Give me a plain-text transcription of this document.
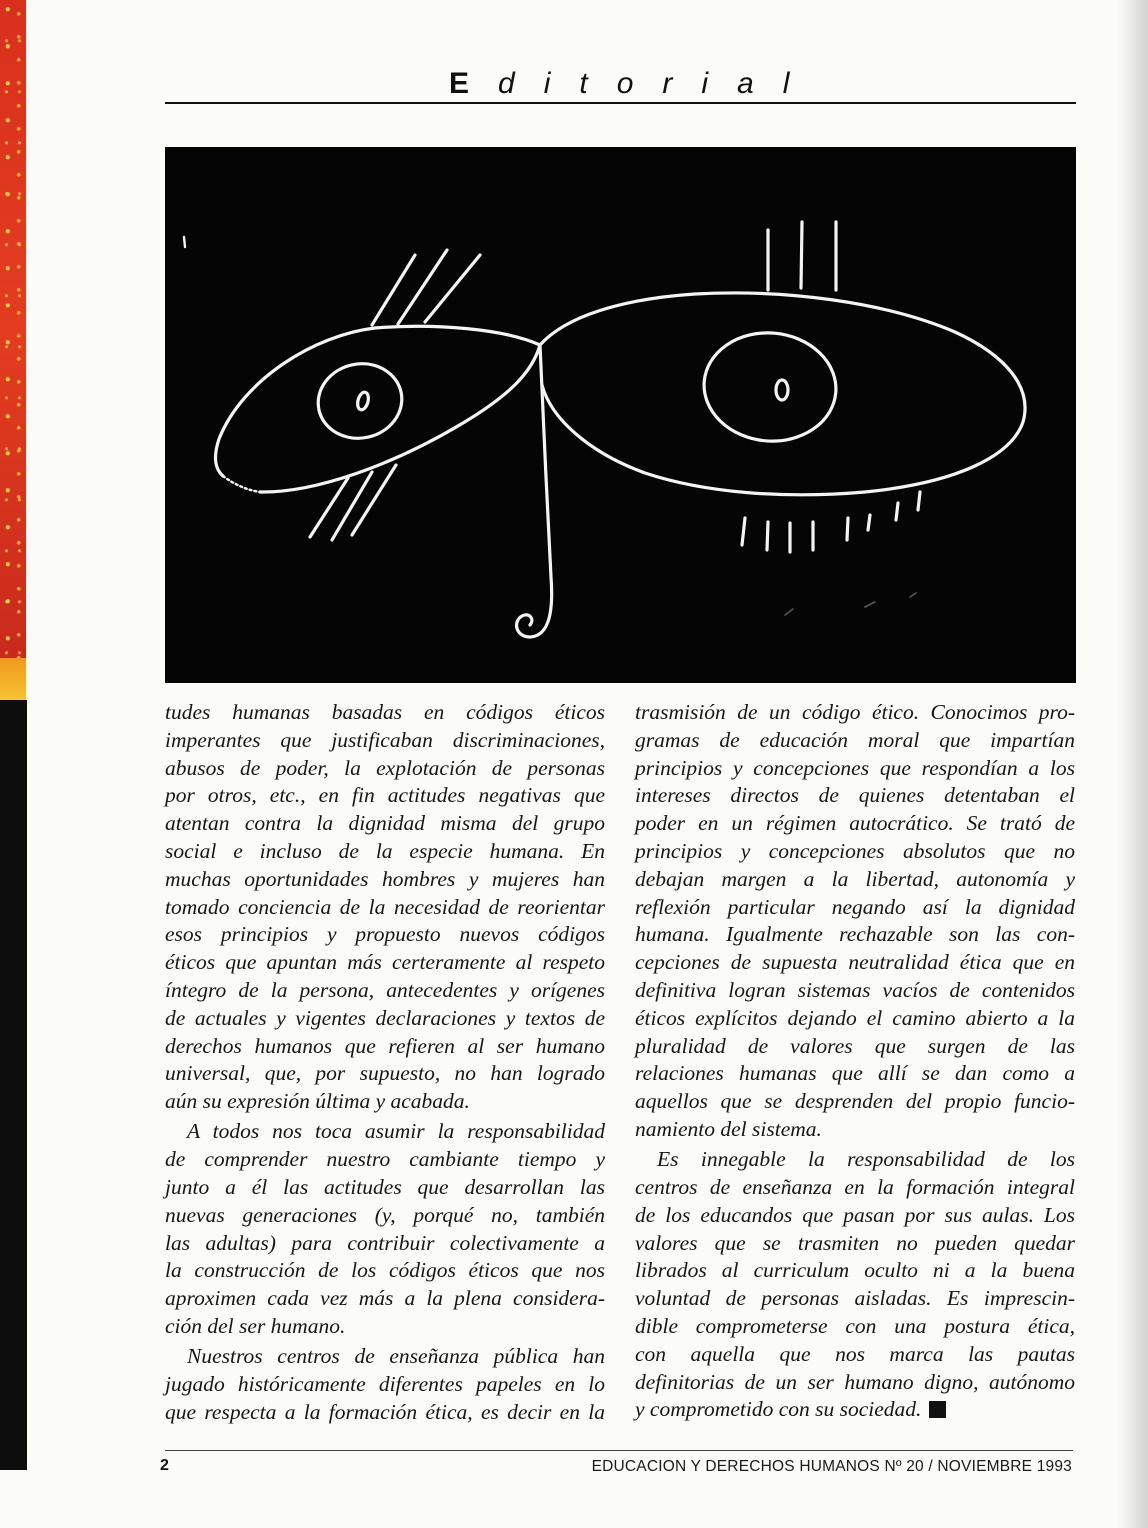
Editorial
tudes humanas basadas en códigos éticos
imperantes que justificaban discriminaciones,
abusos de poder, la explotación de personas
por otros, etc., en fin actitudes negativas que
atentan contra la dignidad misma del grupo
social e incluso de la especie humana. En
muchas oportunidades hombres y mujeres han
tomado conciencia de la necesidad de reorientar
esos principios y propuesto nuevos códigos
éticos que apuntan más certeramente al respeto
íntegro de la persona, antecedentes y orígenes
de actuales y vigentes declaraciones y textos de
derechos humanos que refieren al ser humano
universal, que, por supuesto, no han logrado
aún su expresión última y acabada.
A todos nos toca asumir la responsabilidad
de comprender nuestro cambiante tiempo y
junto a él las actitudes que desarrollan las
nuevas generaciones (y, porqué no, también
las adultas) para contribuir colectivamente a
la construcción de los códigos éticos que nos
aproximen cada vez más a la plena considera-
ción del ser humano.
Nuestros centros de enseñanza pública han
jugado históricamente diferentes papeles en lo
que respecta a la formación ética, es decir en la
trasmisión de un código ético. Conocimos pro-
gramas de educación moral que impartían
principios y concepciones que respondían a los
intereses directos de quienes detentaban el
poder en un régimen autocrático. Se trató de
principios y concepciones absolutos que no
debajan margen a la libertad, autonomía y
reflexión particular negando así la dignidad
humana. Igualmente rechazable son las con-
cepciones de supuesta neutralidad ética que en
definitiva logran sistemas vacíos de contenidos
éticos explícitos dejando el camino abierto a la
pluralidad de valores que surgen de las
relaciones humanas que allí se dan como a
aquellos que se desprenden del propio funcio-
namiento del sistema.
Es innegable la responsabilidad de los
centros de enseñanza en la formación integral
de los educandos que pasan por sus aulas. Los
valores que se trasmiten no pueden quedar
librados al curriculum oculto ni a la buena
voluntad de personas aisladas. Es imprescin-
dible comprometerse con una postura ética,
con aquella que nos marca las pautas
definitorias de un ser humano digno, autónomo
y comprometido con su sociedad.
2	EDUCACION Y DERECHOS HUMANOS Nº 20 / NOVIEMBRE 1993
